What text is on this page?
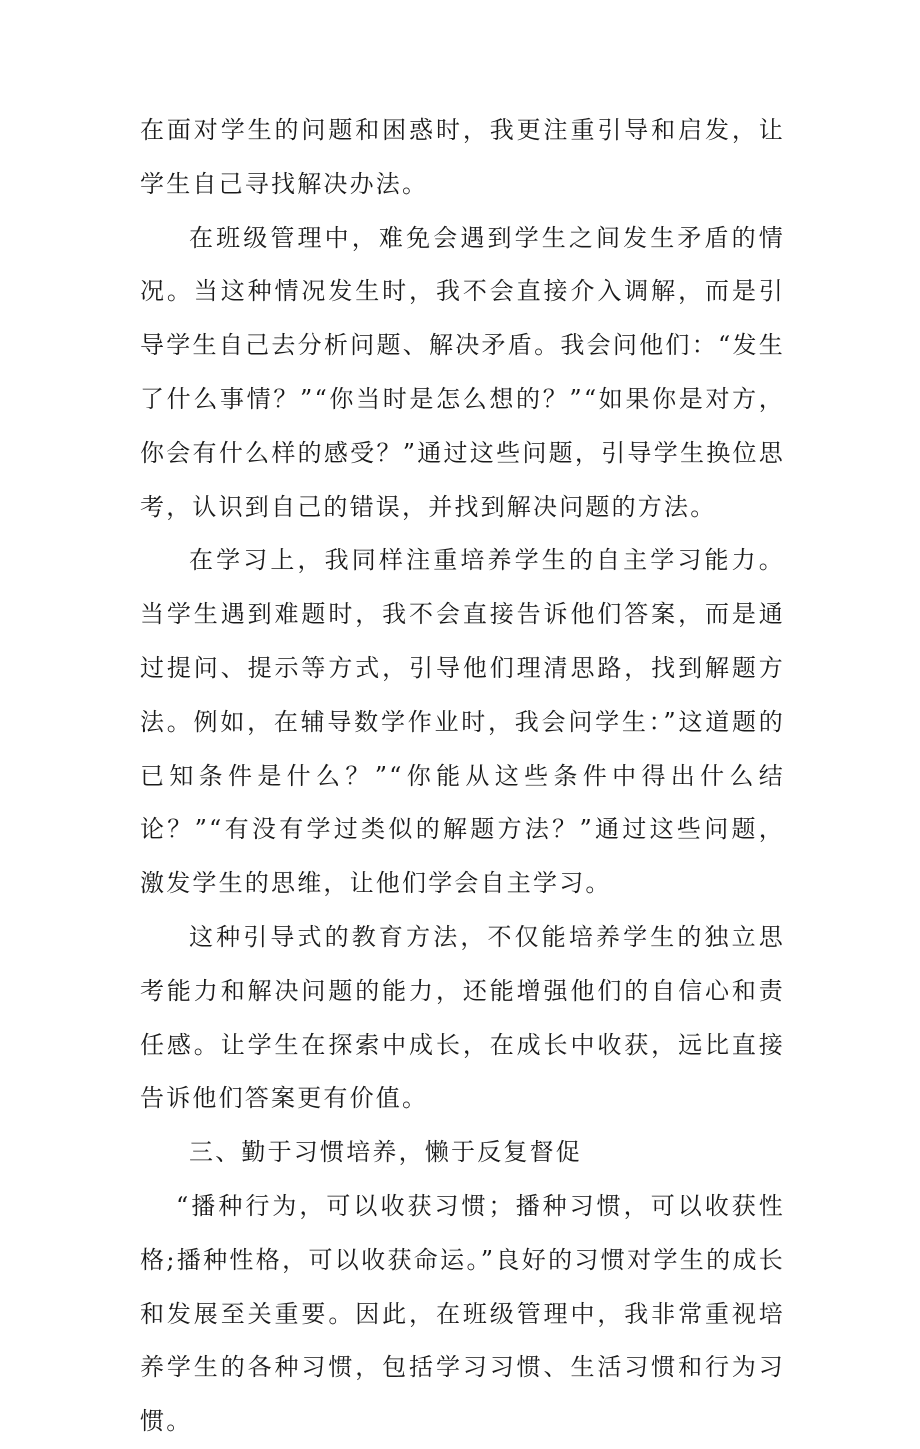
在面对学生的问题和困惑时，我更注重引导和启发，让学生自己寻找解决办法。

在班级管理中，难免会遇到学生之间发生矛盾的情况。当这种情况发生时，我不会直接介入调解，而是引导学生自己去分析问题、解决矛盾。我会问他们：“发生了什么事情？”“你当时是怎么想的？”“如果你是对方，你会有什么样的感受？”通过这些问题，引导学生换位思考，认识到自己的错误，并找到解决问题的方法。

在学习上，我同样注重培养学生的自主学习能力。当学生遇到难题时，我不会直接告诉他们答案，而是通过提问、提示等方式，引导他们理清思路，找到解题方法。例如，在辅导数学作业时，我会问学生：”这道题的已知条件是什么？”“你能从这些条件中得出什么结论？”“有没有学过类似的解题方法？”通过这些问题，激发学生的思维，让他们学会自主学习。

这种引导式的教育方法，不仅能培养学生的独立思考能力和解决问题的能力，还能增强他们的自信心和责任感。让学生在探索中成长，在成长中收获，远比直接告诉他们答案更有价值。

三、勤于习惯培养，懒于反复督促

“播种行为，可以收获习惯；播种习惯，可以收获性格;播种性格，可以收获命运。”良好的习惯对学生的成长和发展至关重要。因此，在班级管理中，我非常重视培养学生的各种习惯，包括学习习惯、生活习惯和行为习惯。
